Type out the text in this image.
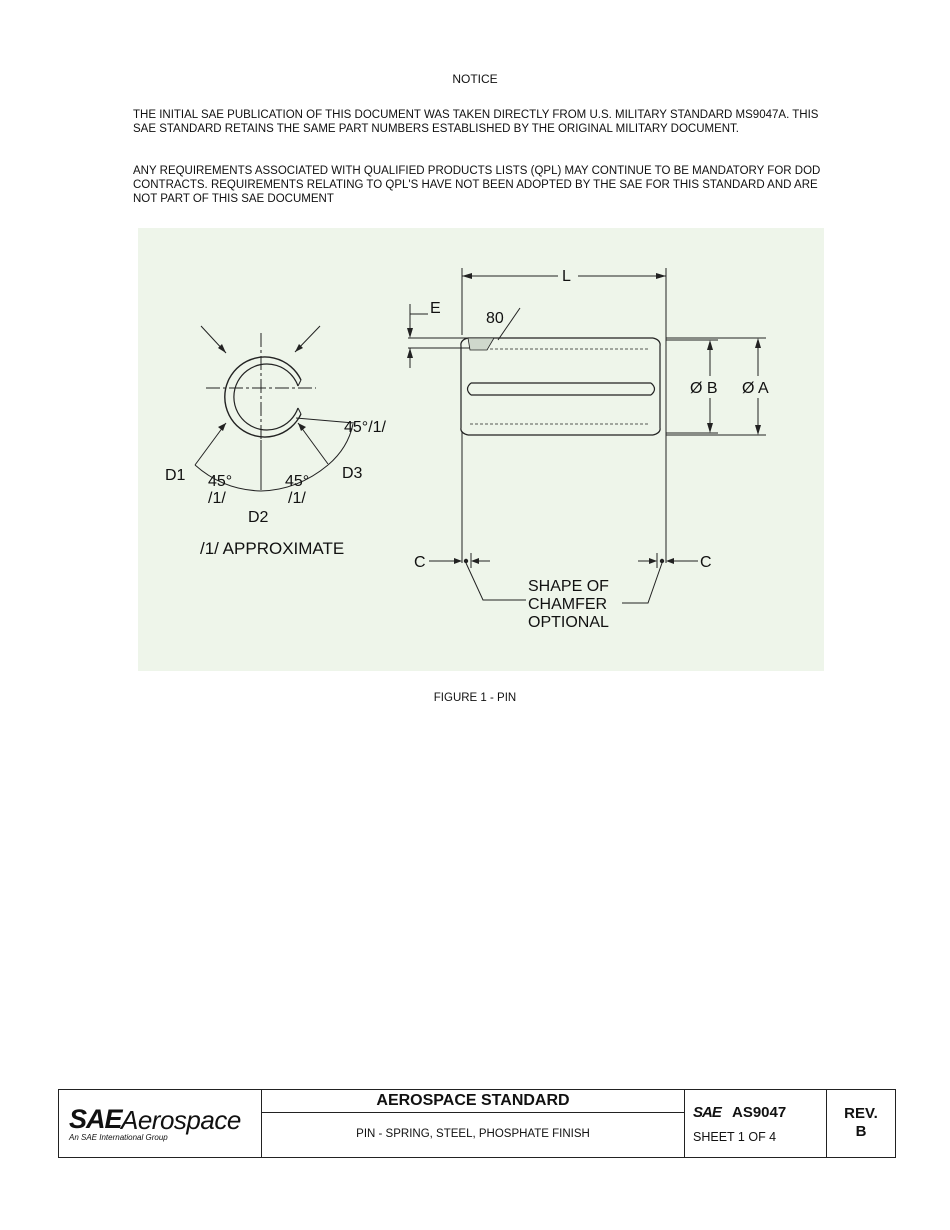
NOTICE
THE INITIAL SAE PUBLICATION OF THIS DOCUMENT WAS TAKEN DIRECTLY FROM U.S. MILITARY STANDARD MS9047A. THIS SAE STANDARD RETAINS THE SAME PART NUMBERS ESTABLISHED BY THE ORIGINAL MILITARY DOCUMENT.
ANY REQUIREMENTS ASSOCIATED WITH QUALIFIED PRODUCTS LISTS (QPL) MAY CONTINUE TO BE MANDATORY FOR DOD CONTRACTS. REQUIREMENTS RELATING TO QPL'S HAVE NOT BEEN ADOPTED BY THE SAE FOR THIS STANDARD AND ARE NOT PART OF THIS SAE DOCUMENT
D1 45°
/1/
45°
/1/
D2
D3
45°/1/
/1/ APPROXIMATE
L
E
80
Ø B Ø A
C	C
SHAPE OF
CHAMFER
OPTIONAL
FIGURE 1 - PIN
SAE Aerospace
An SAE International Group
AEROSPACE STANDARD
PIN - SPRING, STEEL, PHOSPHATE FINISH
SAE AS9047
SHEET 1 OF 4
REV.
B
